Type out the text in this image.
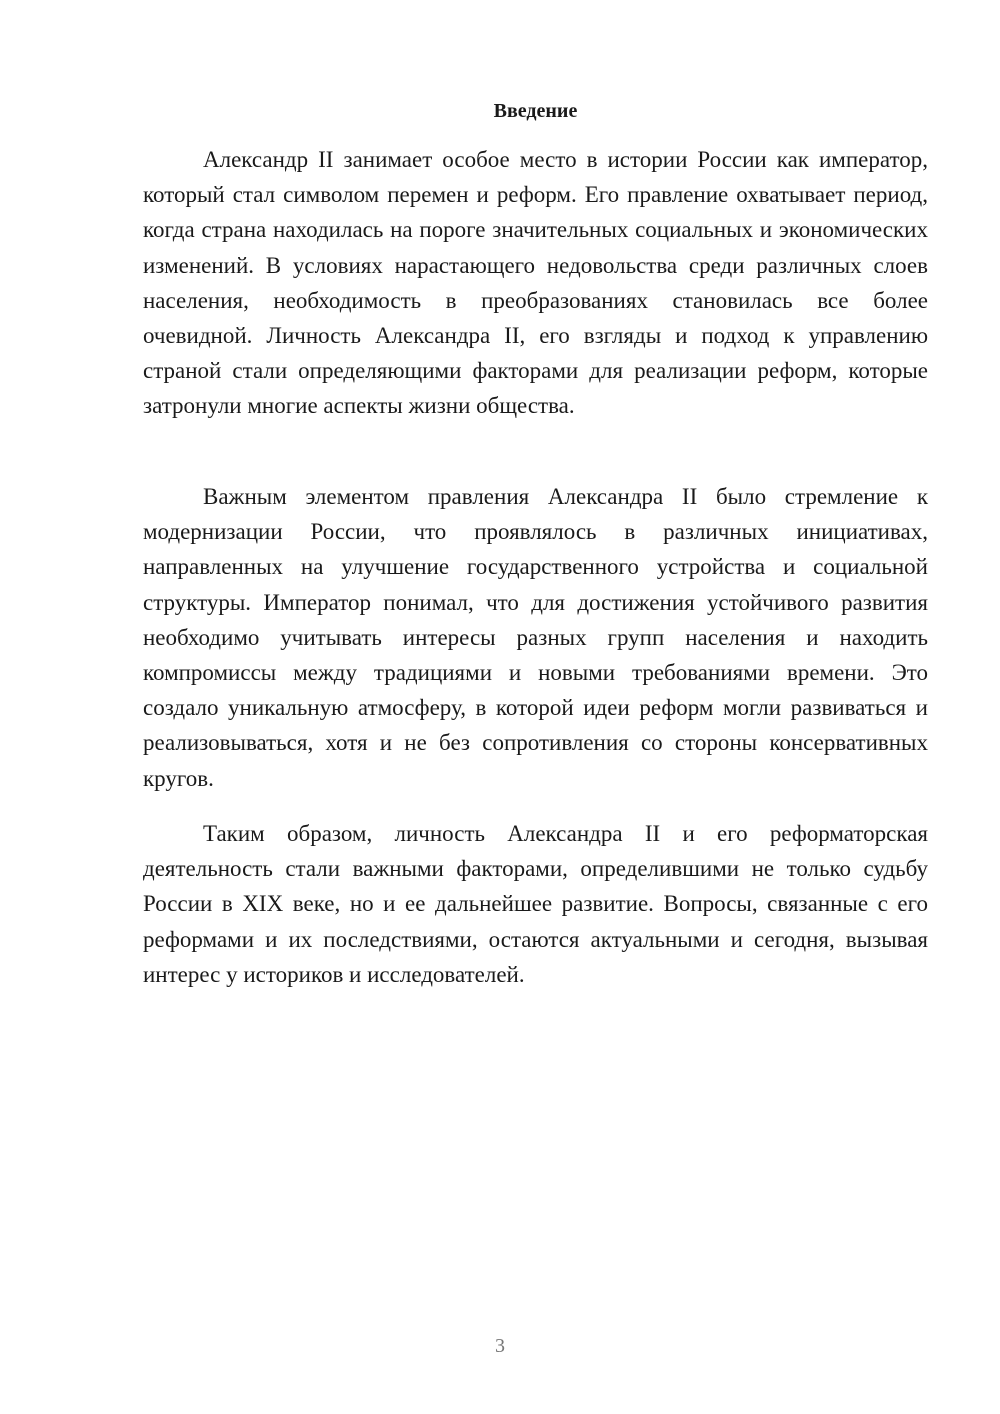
Введение

Александр II занимает особое место в истории России как император, который стал символом перемен и реформ. Его правление охватывает период, когда страна находилась на пороге значительных социальных и экономических изменений. В условиях нарастающего недовольства среди различных слоев населения, необходимость в преобразованиях становилась все более очевидной. Личность Александра II, его взгляды и подход к управлению страной стали определяющими факторами для реализации реформ, которые затронули многие аспекты жизни общества.

Важным элементом правления Александра II было стремление к модернизации России, что проявлялось в различных инициативах, направленных на улучшение государственного устройства и социальной структуры. Император понимал, что для достижения устойчивого развития необходимо учитывать интересы разных групп населения и находить компромиссы между традициями и новыми требованиями времени. Это создало уникальную атмосферу, в которой идеи реформ могли развиваться и реализовываться, хотя и не без сопротивления со стороны консервативных кругов.

Таким образом, личность Александра II и его реформаторская деятельность стали важными факторами, определившими не только судьбу России в XIX веке, но и ее дальнейшее развитие. Вопросы, связанные с его реформами и их последствиями, остаются актуальными и сегодня, вызывая интерес у историков и исследователей.

3
